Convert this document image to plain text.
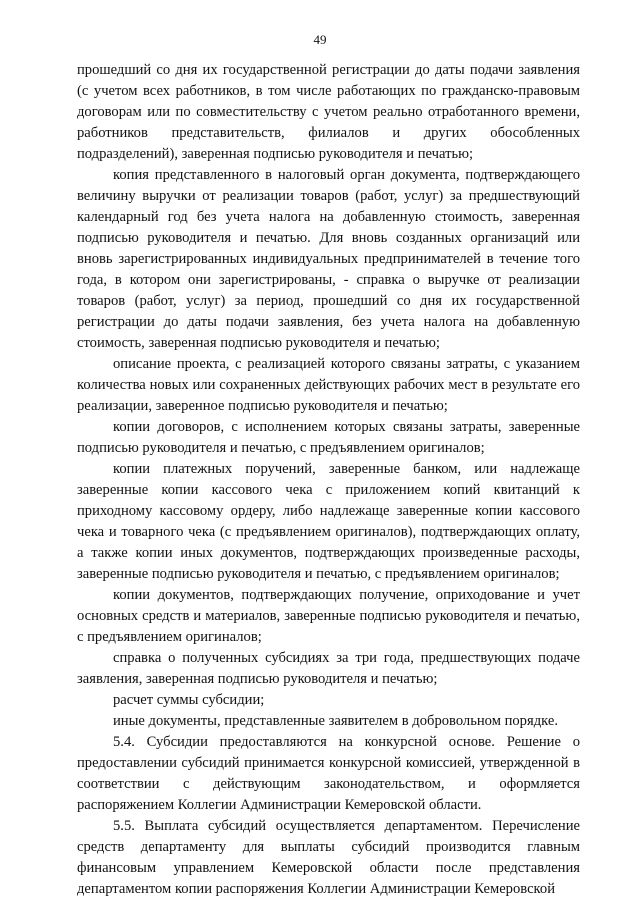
49

прошедший со дня их государственной регистрации до даты подачи заявления (с учетом всех работников, в том числе работающих по гражданско-правовым договорам или по совместительству с учетом реально отработанного времени, работников представительств, филиалов и других обособленных подразделений), заверенная подписью руководителя и печатью;

копия представленного в налоговый орган документа, подтверждающего величину выручки от реализации товаров (работ, услуг) за предшествующий календарный год без учета налога на добавленную стоимость, заверенная подписью руководителя и печатью. Для вновь созданных организаций или вновь зарегистрированных индивидуальных предпринимателей в течение того года, в котором они зарегистрированы, - справка о выручке от реализации товаров (работ, услуг) за период, прошедший со дня их государственной регистрации до даты подачи заявления, без учета налога на добавленную стоимость, заверенная подписью руководителя и печатью;

описание проекта, с реализацией которого связаны затраты, с указанием количества новых или сохраненных действующих рабочих мест в результате его реализации, заверенное подписью руководителя и печатью;

копии договоров, с исполнением которых связаны затраты, заверенные подписью руководителя и печатью, с предъявлением оригиналов;

копии платежных поручений, заверенные банком, или надлежаще заверенные копии кассового чека с приложением копий квитанций к приходному кассовому ордеру, либо надлежаще заверенные копии кассового чека и товарного чека (с предъявлением оригиналов), подтверждающих оплату, а также копии иных документов, подтверждающих произведенные расходы, заверенные подписью руководителя и печатью, с предъявлением оригиналов;

копии документов, подтверждающих получение, оприходование и учет основных средств и материалов, заверенные подписью руководителя и печатью, с предъявлением оригиналов;

справка о полученных субсидиях за три года, предшествующих подаче заявления, заверенная подписью руководителя и печатью;

расчет суммы субсидии;

иные документы, представленные заявителем в добровольном порядке.

5.4. Субсидии предоставляются на конкурсной основе. Решение о предоставлении субсидий принимается конкурсной комиссией, утвержденной в соответствии с действующим законодательством, и оформляется распоряжением Коллегии Администрации Кемеровской области.

5.5. Выплата субсидий осуществляется департаментом. Перечисление средств департаменту для выплаты субсидий производится главным финансовым управлением Кемеровской области после представления департаментом копии распоряжения Коллегии Администрации Кемеровской
